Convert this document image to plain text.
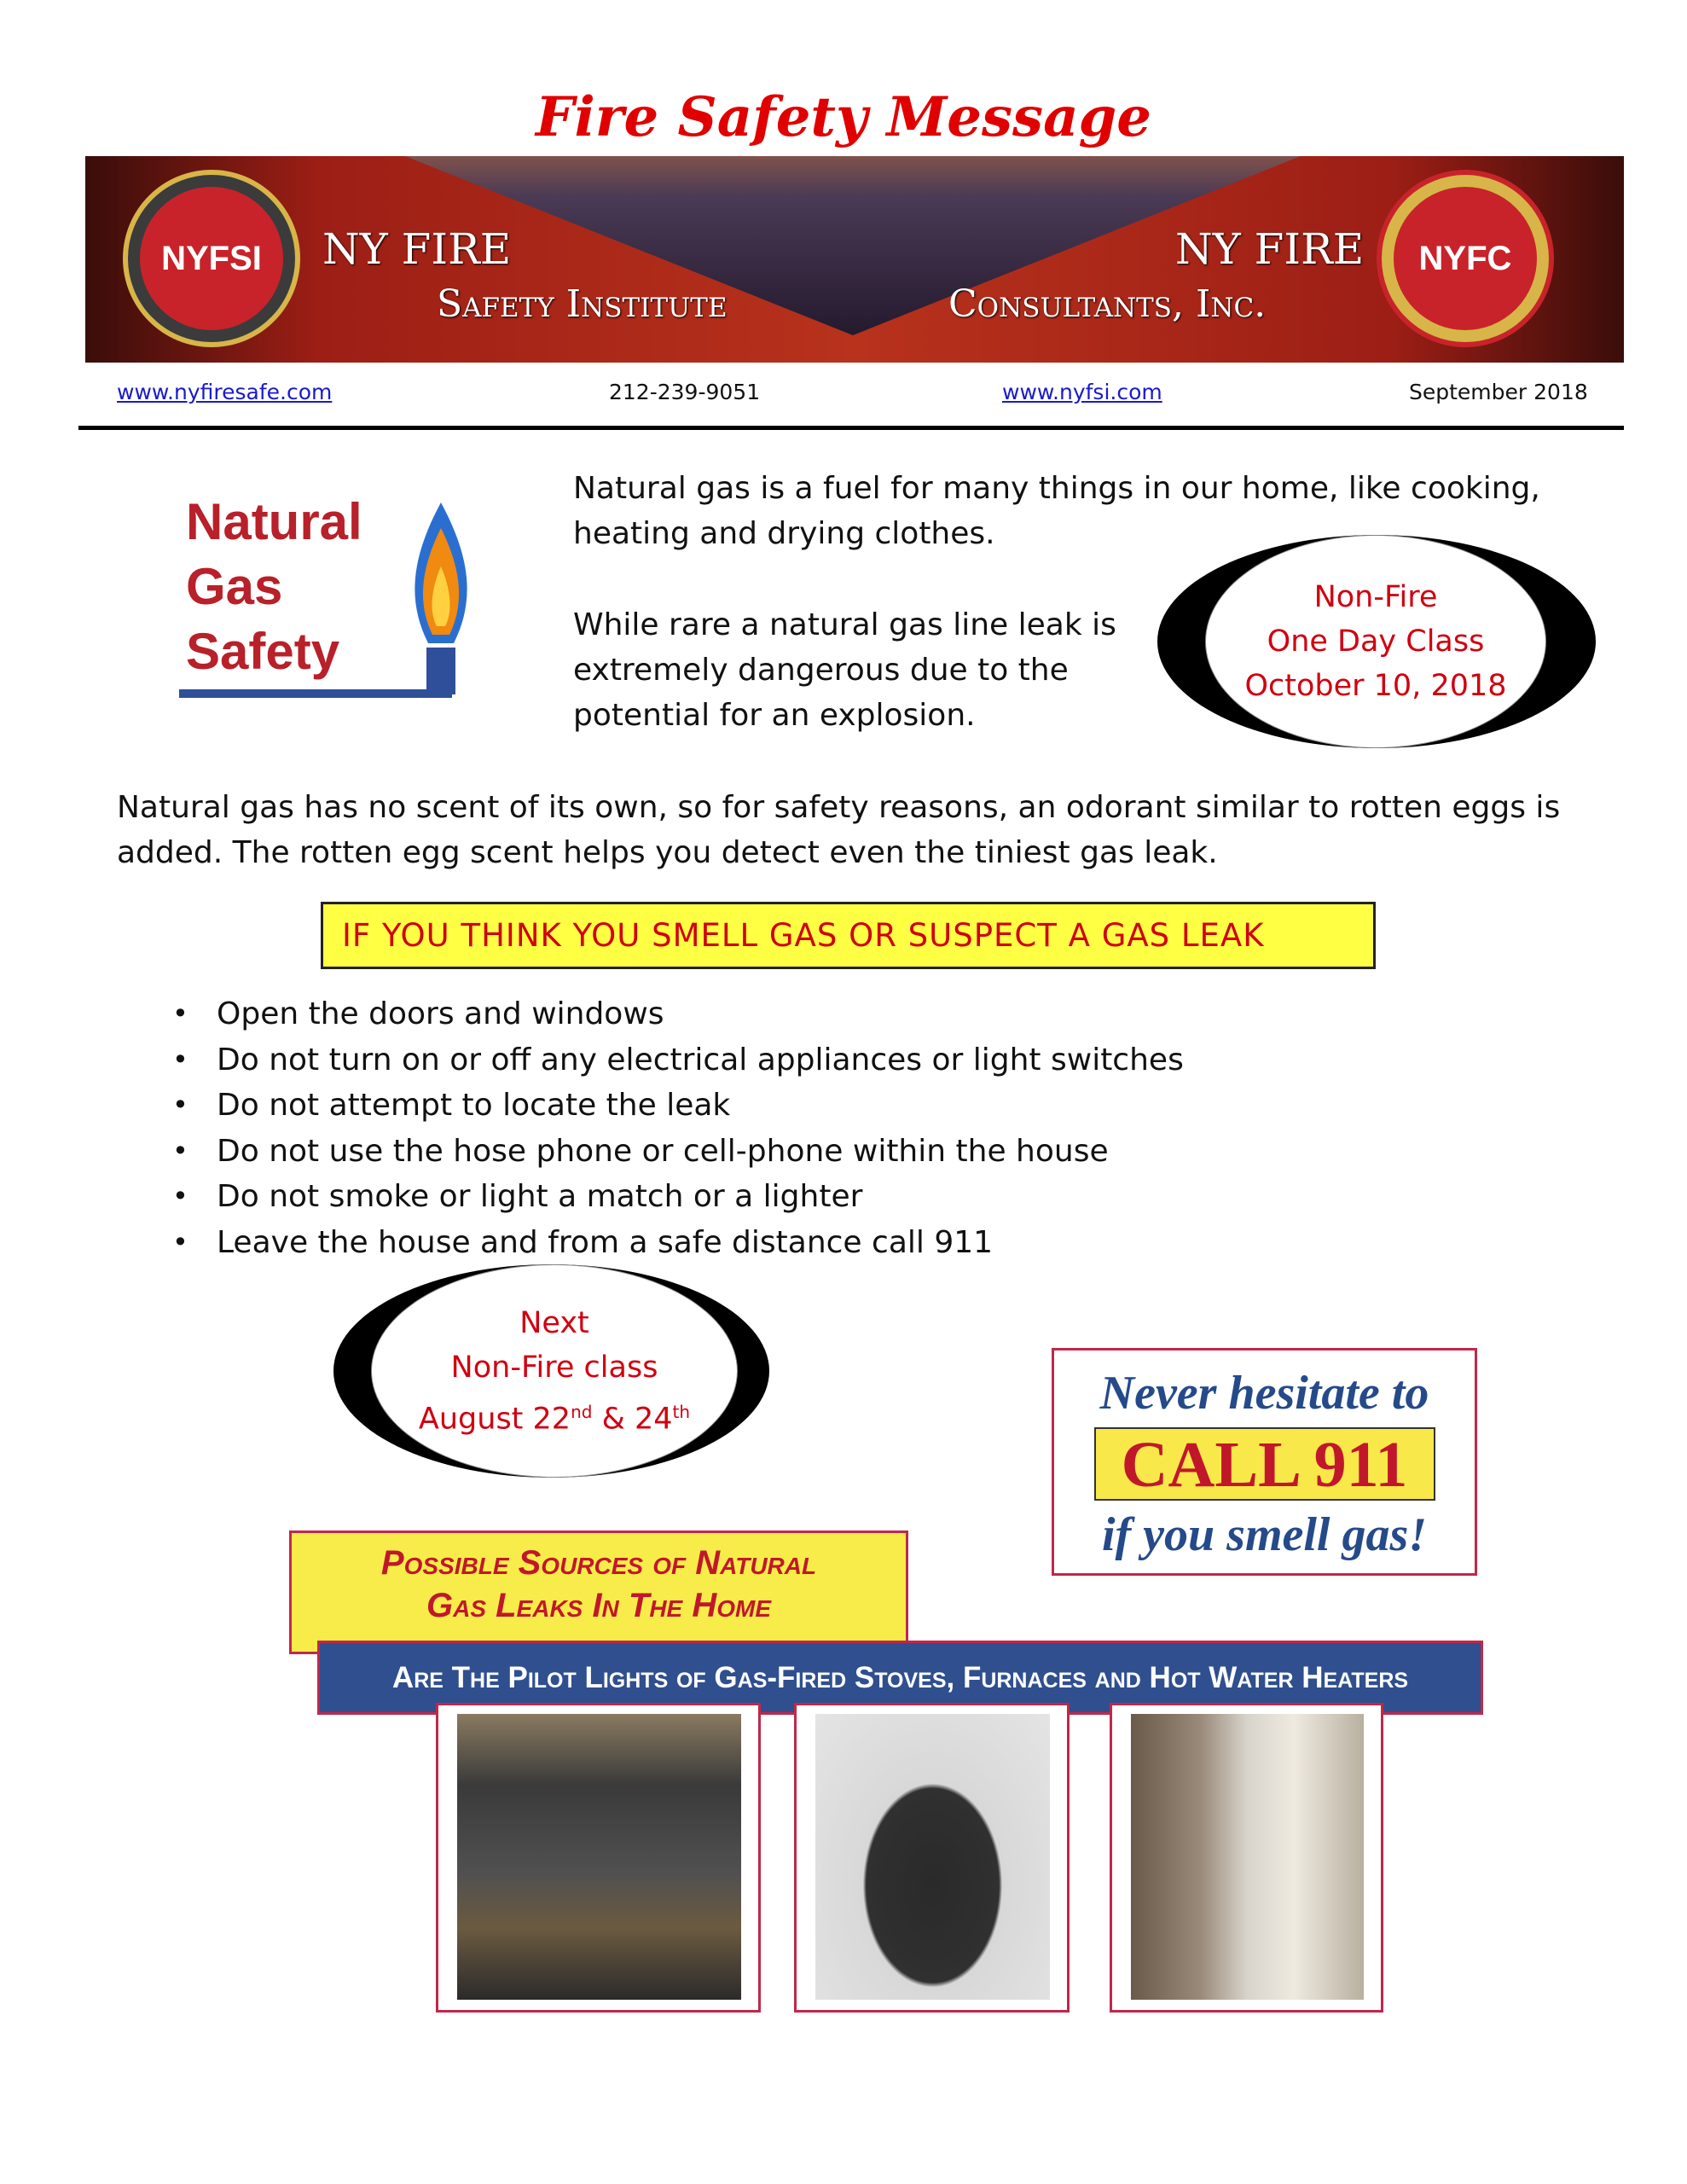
Fire Safety Message
NYFSI NY FIRE
Safety Institute
NY FIRE
Consultants, Inc.
NYFC
www.nyfiresafe.com	212-239-9051	www.nyfsi.com	September 2018
Natural
Gas
Safety
Natural gas is a fuel for many things in our home, like cooking, heating and drying clothes.
While rare a natural gas line leak is extremely dangerous due to the potential for an explosion.
Non-Fire
One Day Class
October 10, 2018
Natural gas has no scent of its own, so for safety reasons, an odorant similar to rotten eggs is added. The rotten egg scent helps you detect even the tiniest gas leak.
IF YOU THINK YOU SMELL GAS OR SUSPECT A GAS LEAK
• Open the doors and windows
• Do not turn on or off any electrical appliances or light switches
• Do not attempt to locate the leak
• Do not use the hose phone or cell-phone within the house
• Do not smoke or light a match or a lighter
• Leave the house and from a safe distance call 911
Next
Non-Fire class
August 22nd & 24th	Never hesitate to
CALL 911
if you smell gas!
Possible Sources of Natural
Gas Leaks In The Home
Are The Pilot Lights of Gas-Fired Stoves, Furnaces and Hot Water Heaters
